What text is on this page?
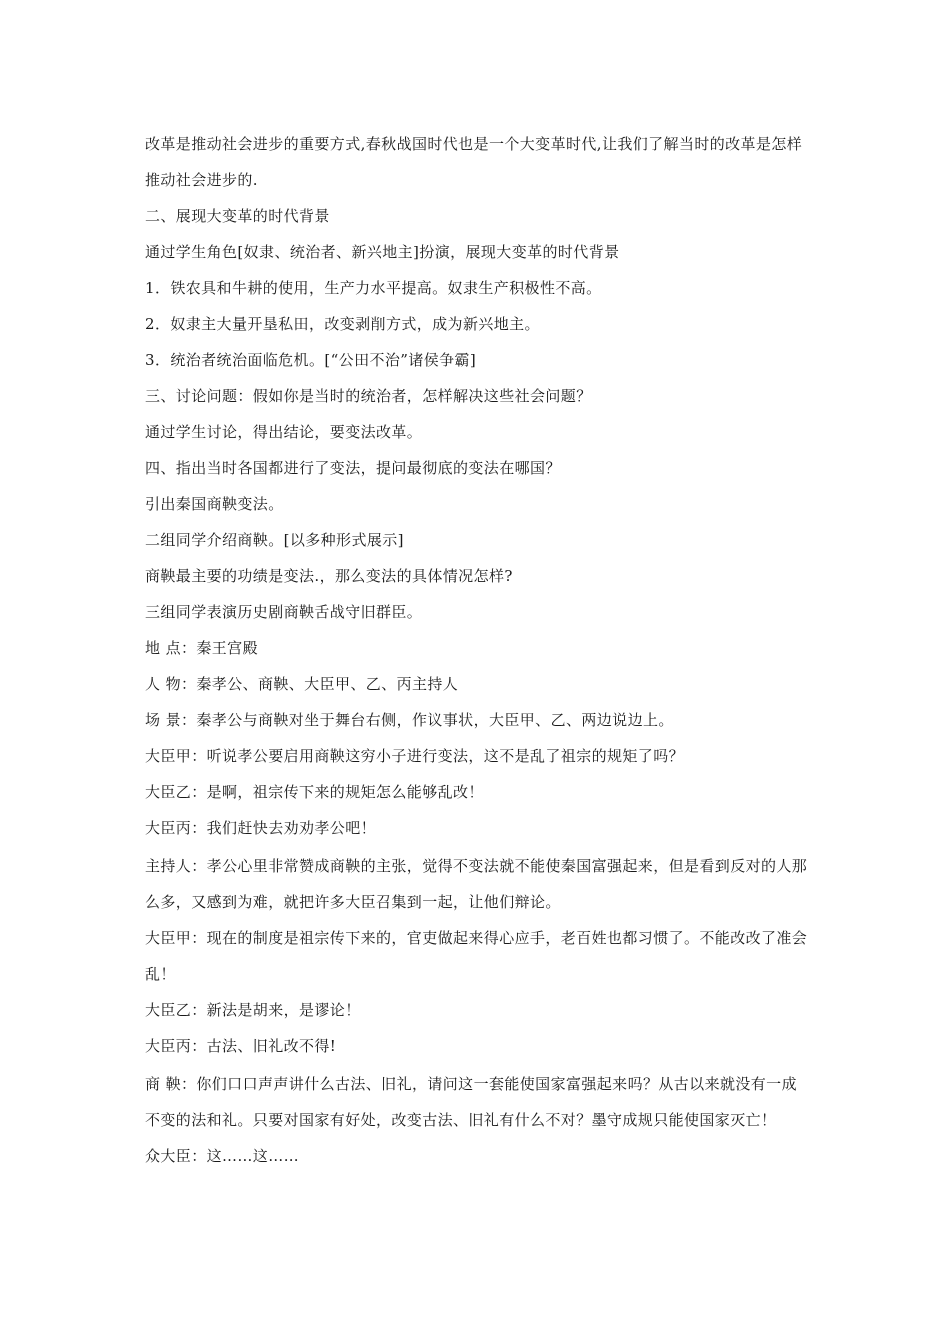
改革是推动社会进步的重要方式,春秋战国时代也是一个大变革时代,让我们了解当时的改革是怎样推动社会进步的.

二、展现大变革的时代背景

通过学生角色[奴隶、统治者、新兴地主]扮演，展现大变革的时代背景

1．铁农具和牛耕的使用，生产力水平提高。奴隶生产积极性不高。

2．奴隶主大量开垦私田，改变剥削方式，成为新兴地主。

3．统治者统治面临危机。[“公田不治”诸侯争霸]

三、讨论问题：假如你是当时的统治者，怎样解决这些社会问题？

通过学生讨论，得出结论，要变法改革。

四、指出当时各国都进行了变法，提问最彻底的变法在哪国？

引出秦国商鞅变法。

二组同学介绍商鞅。[以多种形式展示]

商鞅最主要的功绩是变法.，那么变法的具体情况怎样?

三组同学表演历史剧商鞅舌战守旧群臣。

地 点：秦王宫殿

人 物：秦孝公、商鞅、大臣甲、乙、丙主持人

场 景：秦孝公与商鞅对坐于舞台右侧，作议事状，大臣甲、乙、两边说边上。

大臣甲：听说孝公要启用商鞅这穷小子进行变法，这不是乱了祖宗的规矩了吗？

大臣乙：是啊，祖宗传下来的规矩怎么能够乱改！

大臣丙：我们赶快去劝劝孝公吧！

主持人：孝公心里非常赞成商鞅的主张，觉得不变法就不能使秦国富强起来，但是看到反对的人那么多，又感到为难，就把许多大臣召集到一起，让他们辩论。

大臣甲：现在的制度是祖宗传下来的，官吏做起来得心应手，老百姓也都习惯了。不能改改了准会乱！

大臣乙：新法是胡来，是谬论！

大臣丙：古法、旧礼改不得!

商 鞅：你们口口声声讲什么古法、旧礼，请问这一套能使国家富强起来吗？从古以来就没有一成不变的法和礼。只要对国家有好处，改变古法、旧礼有什么不对？墨守成规只能使国家灭亡！

众大臣：这……这……
